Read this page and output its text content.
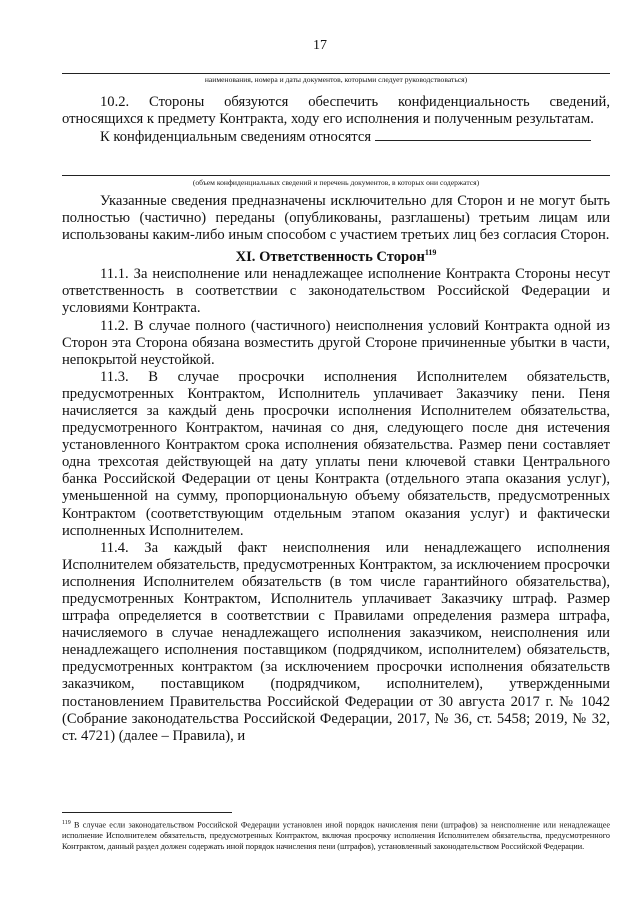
17
наименования, номера и даты документов, которыми следует руководствоваться)

10.2. Стороны обязуются обеспечить конфиденциальность сведений, относящихся к предмету Контракта, ходу его исполнения и полученным результатам.

К конфиденциальным сведениям относятся

(объем конфиденциальных сведений и перечень документов, в которых они содержатся)

Указанные сведения предназначены исключительно для Сторон и не могут быть полностью (частично) переданы (опубликованы, разглашены) третьим лицам или использованы каким-либо иным способом с участием третьих лиц без согласия Сторон.

XI. Ответственность Сторон$^{119}$

11.1. За неисполнение или ненадлежащее исполнение Контракта Стороны несут ответственность в соответствии с законодательством Российской Федерации и условиями Контракта.

11.2. В случае полного (частичного) неисполнения условий Контракта одной из Сторон эта Сторона обязана возместить другой Стороне причиненные убытки в части, непокрытой неустойкой.

11.3. В случае просрочки исполнения Исполнителем обязательств, предусмотренных Контрактом, Исполнитель уплачивает Заказчику пени. Пеня начисляется за каждый день просрочки исполнения Исполнителем обязательства, предусмотренного Контрактом, начиная со дня, следующего после дня истечения установленного Контрактом срока исполнения обязательства. Размер пени составляет одна трехсотая действующей на дату уплаты пени ключевой ставки Центрального банка Российской Федерации от цены Контракта (отдельного этапа оказания услуг), уменьшенной на сумму, пропорциональную объему обязательств, предусмотренных Контрактом (соответствующим отдельным этапом оказания услуг) и фактически исполненных Исполнителем.

11.4. За каждый факт неисполнения или ненадлежащего исполнения Исполнителем обязательств, предусмотренных Контрактом, за исключением просрочки исполнения Исполнителем обязательств (в том числе гарантийного обязательства), предусмотренных Контрактом, Исполнитель уплачивает Заказчику штраф. Размер штрафа определяется в соответствии с Правилами определения размера штрафа, начисляемого в случае ненадлежащего исполнения заказчиком, неисполнения или ненадлежащего исполнения поставщиком (подрядчиком, исполнителем) обязательств, предусмотренных контрактом (за исключением просрочки исполнения обязательств заказчиком, поставщиком (подрядчиком, исполнителем), утвержденными постановлением Правительства Российской Федерации от 30 августа 2017 г. № 1042 (Собрание законодательства Российской Федерации, 2017, № 36, ст. 5458; 2019, № 32, ст. 4721) (далее – Правила), и

$^{119}$ В случае если законодательством Российской Федерации установлен иной порядок начисления пени (штрафов) за неисполнение или ненадлежащее исполнение Исполнителем обязательств, предусмотренных Контрактом, включая просрочку исполнения Исполнителем обязательства, предусмотренного Контрактом, данный раздел должен содержать иной порядок начисления пени (штрафов), установленный законодательством Российской Федерации.
